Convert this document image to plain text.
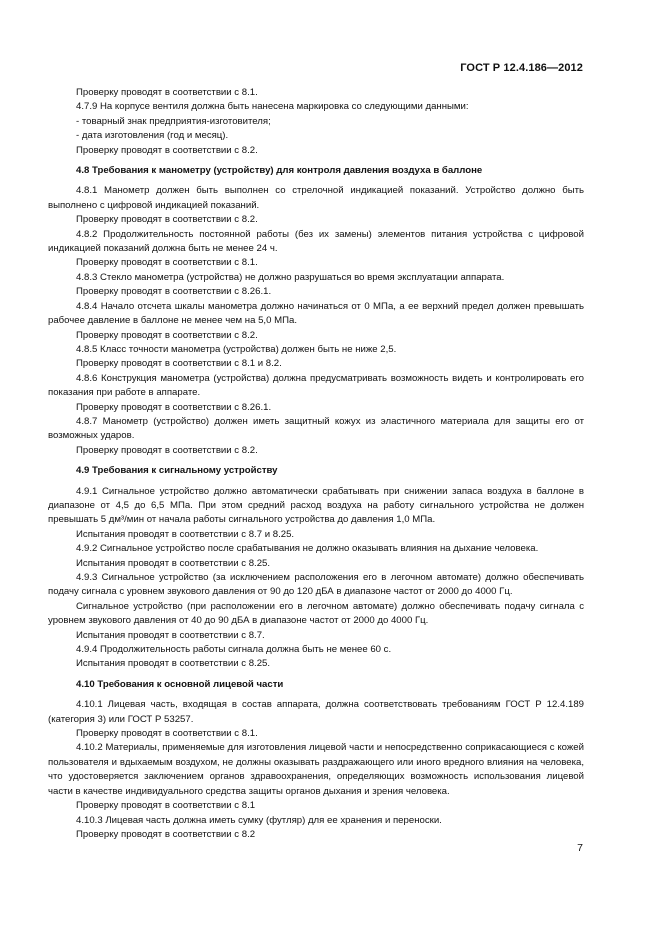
ГОСТ Р 12.4.186—2012

Проверку проводят в соответствии с 8.1.

4.7.9 На корпусе вентиля должна быть нанесена маркировка со следующими данными:

- товарный знак предприятия-изготовителя;

- дата изготовления (год и месяц).

Проверку проводят в соответствии с 8.2.

4.8 Требования к манометру (устройству) для контроля давления воздуха в баллоне

4.8.1 Манометр должен быть выполнен со стрелочной индикацией показаний. Устройство должно быть выполнено с цифровой индикацией показаний.

Проверку проводят в соответствии с 8.2.

4.8.2 Продолжительность постоянной работы (без их замены) элементов питания устройства с цифровой индикацией показаний должна быть не менее 24 ч.

Проверку проводят в соответствии с 8.1.

4.8.3 Стекло манометра (устройства) не должно разрушаться во время эксплуатации аппарата.

Проверку проводят в соответствии с 8.26.1.

4.8.4 Начало отсчета шкалы манометра должно начинаться от 0 МПа, а ее верхний предел должен превышать рабочее давление в баллоне не менее чем на 5,0 МПа.

Проверку проводят в соответствии с 8.2.

4.8.5 Класс точности манометра (устройства) должен быть не ниже 2,5.

Проверку проводят в соответствии с 8.1 и 8.2.

4.8.6 Конструкция манометра (устройства) должна предусматривать возможность видеть и контролировать его показания при работе в аппарате.

Проверку проводят в соответствии с 8.26.1.

4.8.7 Манометр (устройство) должен иметь защитный кожух из эластичного материала для защиты его от возможных ударов.

Проверку проводят в соответствии с 8.2.

4.9 Требования к сигнальному устройству

4.9.1 Сигнальное устройство должно автоматически срабатывать при снижении запаса воздуха в баллоне в диапазоне от 4,5 до 6,5 МПа. При этом средний расход воздуха на работу сигнального устройства не должен превышать 5 дм³/мин от начала работы сигнального устройства до давления 1,0 МПа.

Испытания проводят в соответствии с 8.7 и 8.25.

4.9.2 Сигнальное устройство после срабатывания не должно оказывать влияния на дыхание человека.

Испытания проводят в соответствии с 8.25.

4.9.3 Сигнальное устройство (за исключением расположения его в легочном автомате) должно обеспечивать подачу сигнала с уровнем звукового давления от 90 до 120 дБА в диапазоне частот от 2000 до 4000 Гц.

Сигнальное устройство (при расположении его в легочном автомате) должно обеспечивать подачу сигнала с уровнем звукового давления от 40 до 90 дБА в диапазоне частот от 2000 до 4000 Гц.

Испытания проводят в соответствии с 8.7.

4.9.4 Продолжительность работы сигнала должна быть не менее 60 с.

Испытания проводят в соответствии с 8.25.

4.10 Требования к основной лицевой части

4.10.1 Лицевая часть, входящая в состав аппарата, должна соответствовать требованиям ГОСТ Р 12.4.189 (категория 3) или ГОСТ Р 53257.

Проверку проводят в соответствии с 8.1.

4.10.2 Материалы, применяемые для изготовления лицевой части и непосредственно соприкасающиеся с кожей пользователя и вдыхаемым воздухом, не должны оказывать раздражающего или иного вредного влияния на человека, что удостоверяется заключением органов здравоохранения, определяющих возможность использования лицевой части в качестве индивидуального средства защиты органов дыхания и зрения человека.

Проверку проводят в соответствии с 8.1

4.10.3 Лицевая часть должна иметь сумку (футляр) для ее хранения и переноски.

Проверку проводят в соответствии с 8.2

7
